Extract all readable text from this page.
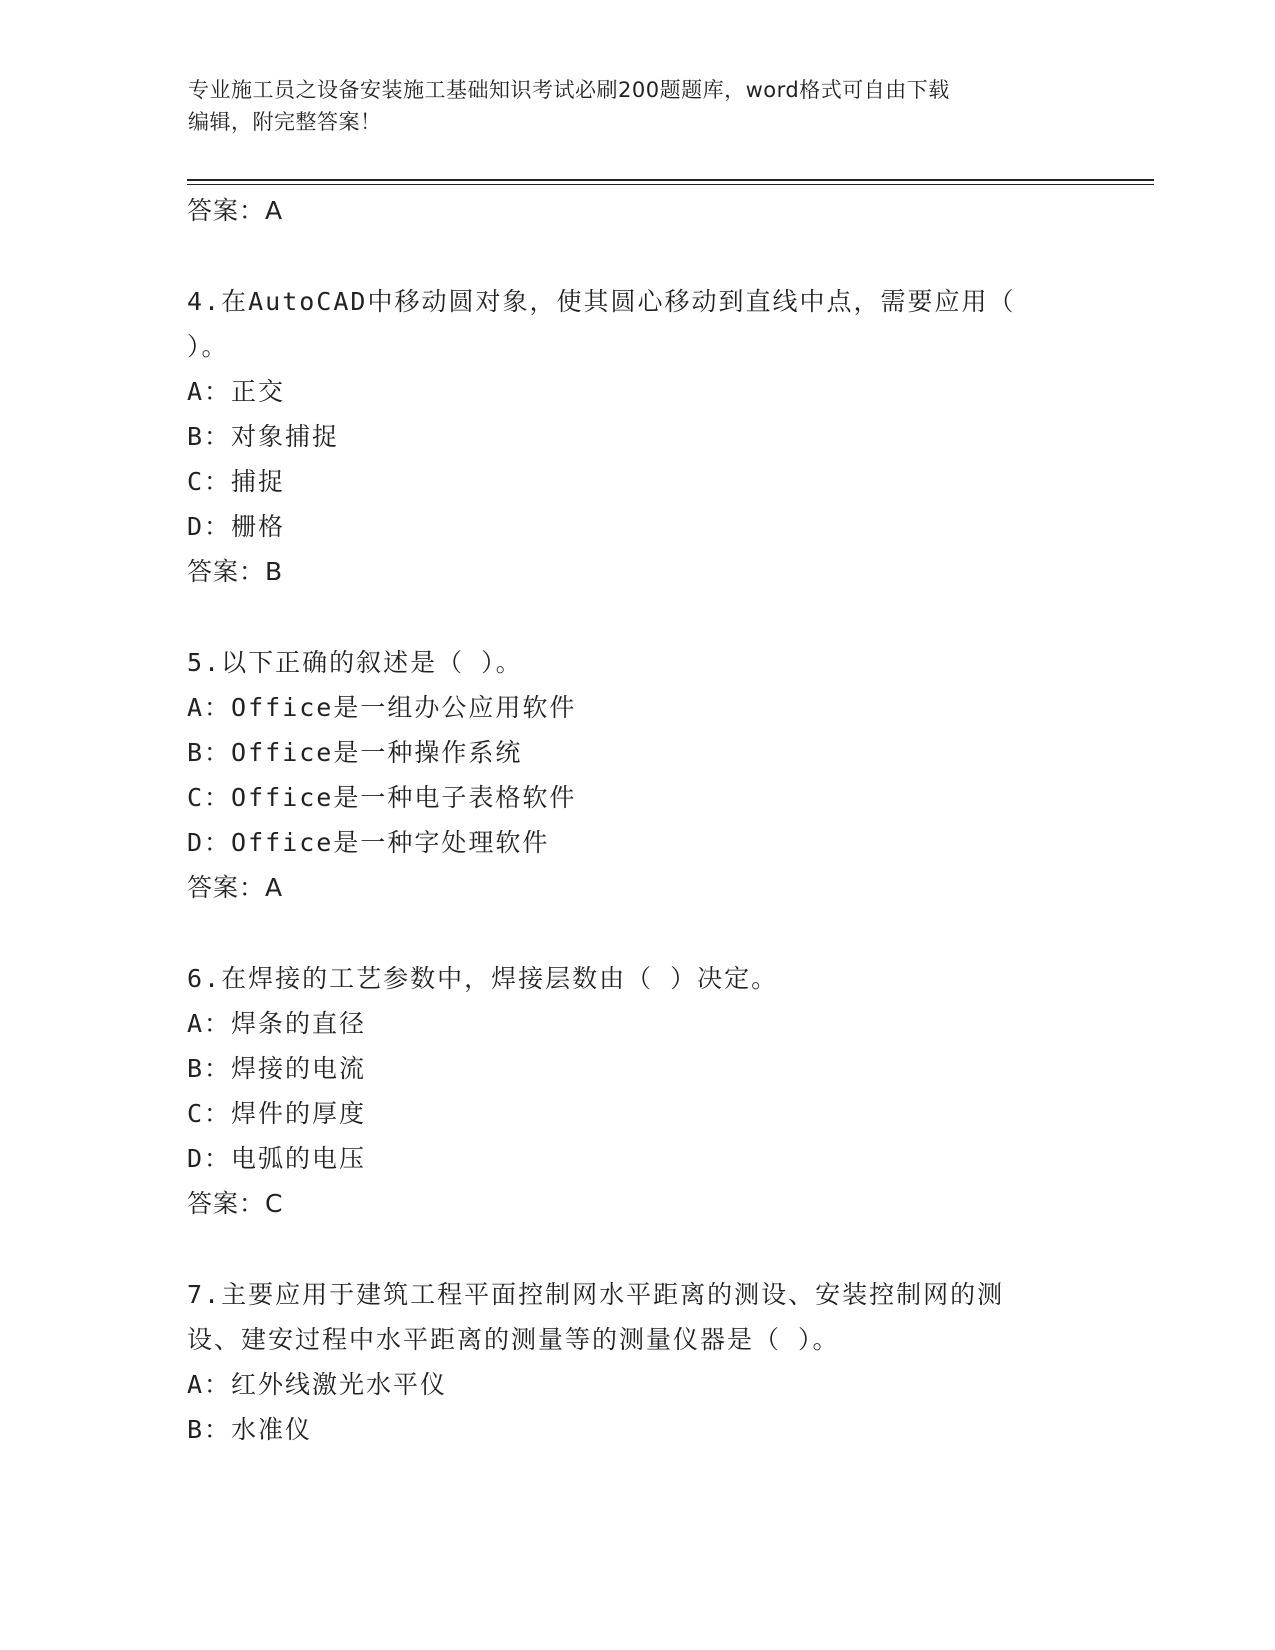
专业施工员之设备安装施工基础知识考试必刷200题题库，word格式可自由下载
编辑，附完整答案！
答案：A
4.在AutoCAD中移动圆对象，使其圆心移动到直线中点，需要应用（
）。
A：正交
B：对象捕捉
C：捕捉
D：栅格
答案：B
5.以下正确的叙述是（ ）。
A：Office是一组办公应用软件
B：Office是一种操作系统
C：Office是一种电子表格软件
D：Office是一种字处理软件
答案：A
6.在焊接的工艺参数中，焊接层数由（ ）决定。
A：焊条的直径
B：焊接的电流
C：焊件的厚度
D：电弧的电压
答案：C
7.主要应用于建筑工程平面控制网水平距离的测设、安装控制网的测
设、建安过程中水平距离的测量等的测量仪器是（ ）。
A：红外线激光水平仪
B：水准仪
